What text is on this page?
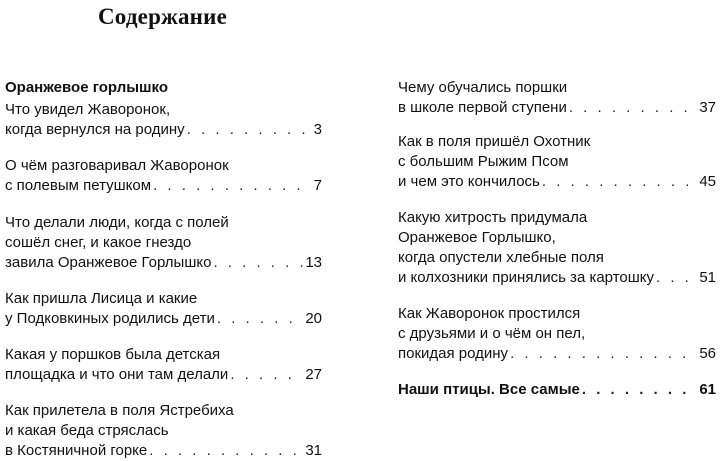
Содержание
Оранжевое горлышко
Что увидел Жаворонок,
когда вернулся на родину . . .	3
О чём разговаривал Жаворонок
с полевым петушком . . .	7
Что делали люди, когда с полей
сошёл снег, и какое гнездо
завила Оранжевое Горлышко . . .	13
Как пришла Лисица и какие
у Подковкиных родились дети . . .	20
Какая у поршков была детская
площадка и что они там делали . . .	27
Как прилетела в поля Ястребиха
и какая беда стряслась
в Костяничной горке . . .	31
Чему обучались поршки
в школе первой ступени . . .	37
Как в поля пришёл Охотник
с большим Рыжим Псом
и чем это кончилось . . .	45
Какую хитрость придумала
Оранжевое Горлышко,
когда опустели хлебные поля
и колхозники принялись за картошку . . .	51
Как Жаворонок простился
с друзьями и о чём он пел,
покидая родину . . .	56
Наши птицы. Все самые . . .	61
